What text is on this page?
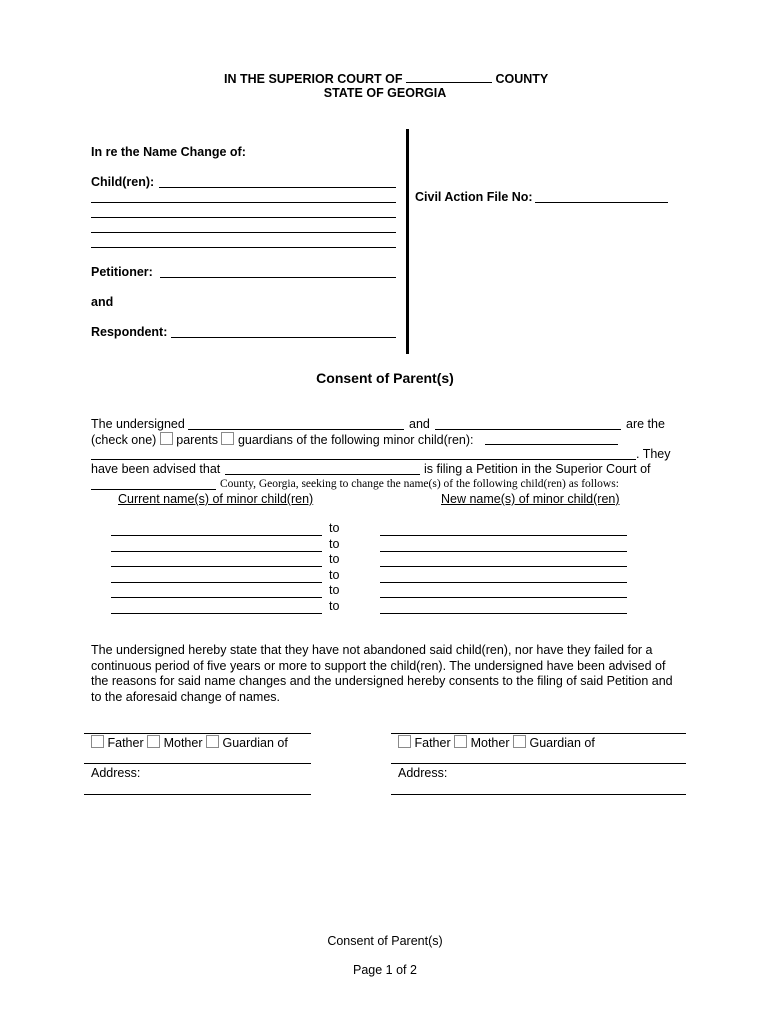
IN THE SUPERIOR COURT OF	COUNTY
STATE OF GEORGIA
In re the Name Change of:
Child(ren):
Petitioner:
and
Respondent:
Civil Action File No:
Consent of Parent(s)
The undersigned	and	are the
(check one) parents guardians of the following minor child(ren):
. They
have been advised that	is filing a Petition in the Superior Court of
County, Georgia, seeking to change the name(s) of the following child(ren) as follows:
Current name(s) of minor child(ren)	New name(s) of minor child(ren)
to
to
to
to
to
to
The undersigned hereby state that they have not abandoned said child(ren), nor have they failed for a
continuous period of five years or more to support the child(ren). The undersigned have been advised of
the reasons for said name changes and the undersigned hereby consents to the filing of said Petition and
to the aforesaid change of names.
Father Mother Guardian of
Address:
Father Mother Guardian of
Address:
Consent of Parent(s)
Page 1 of 2
